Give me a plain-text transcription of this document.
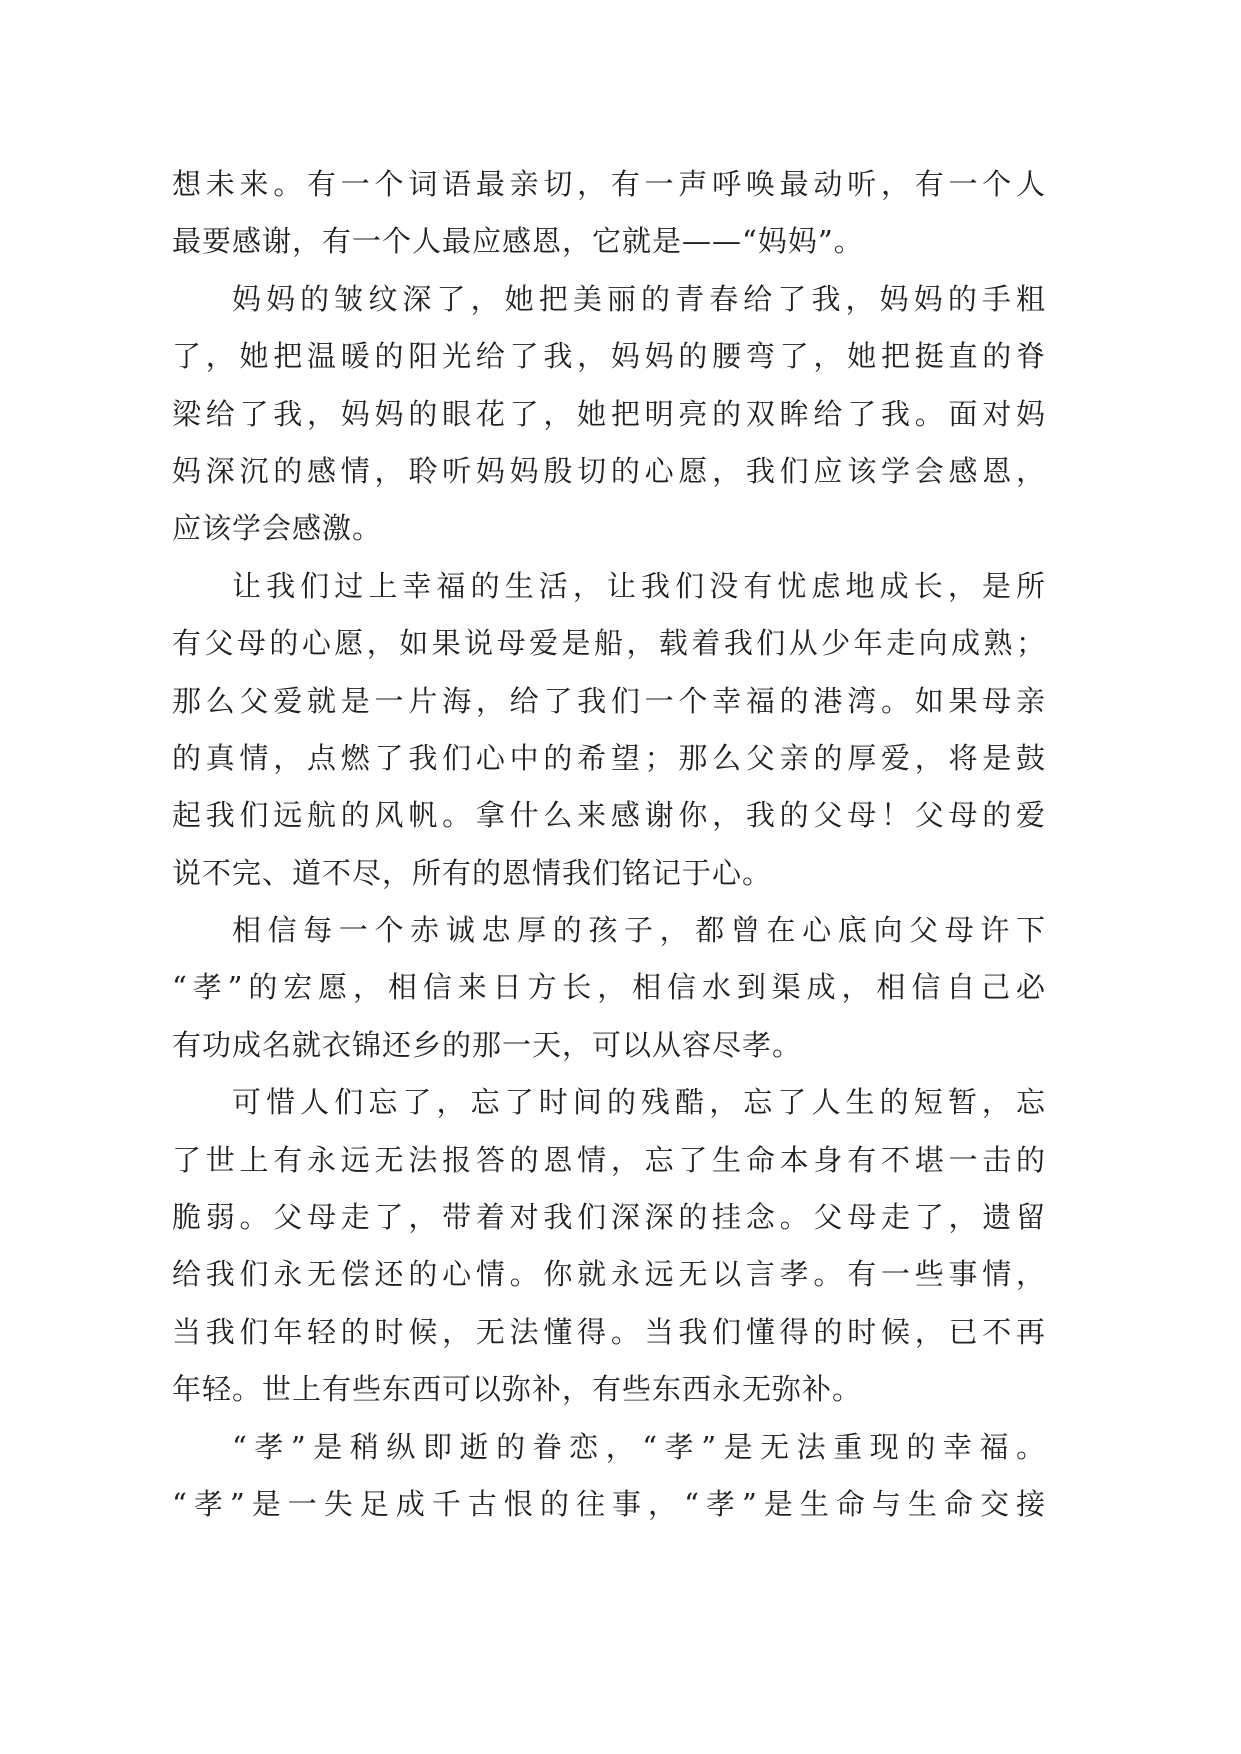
想未来。有一个词语最亲切，有一声呼唤最动听，有一个人
最要感谢，有一个人最应感恩，它就是——“妈妈”。
妈妈的皱纹深了，她把美丽的青春给了我，妈妈的手粗
了，她把温暖的阳光给了我，妈妈的腰弯了，她把挺直的脊
梁给了我，妈妈的眼花了，她把明亮的双眸给了我。面对妈
妈深沉的感情，聆听妈妈殷切的心愿，我们应该学会感恩，
应该学会感激。
让我们过上幸福的生活，让我们没有忧虑地成长，是所
有父母的心愿，如果说母爱是船，载着我们从少年走向成熟；
那么父爱就是一片海，给了我们一个幸福的港湾。如果母亲
的真情，点燃了我们心中的希望；那么父亲的厚爱，将是鼓
起我们远航的风帆。拿什么来感谢你，我的父母！父母的爱
说不完、道不尽，所有的恩情我们铭记于心。
相信每一个赤诚忠厚的孩子，都曾在心底向父母许下
“孝”的宏愿，相信来日方长，相信水到渠成，相信自己必
有功成名就衣锦还乡的那一天，可以从容尽孝。
可惜人们忘了，忘了时间的残酷，忘了人生的短暂，忘
了世上有永远无法报答的恩情，忘了生命本身有不堪一击的
脆弱。父母走了，带着对我们深深的挂念。父母走了，遗留
给我们永无偿还的心情。你就永远无以言孝。有一些事情，
当我们年轻的时候，无法懂得。当我们懂得的时候，已不再
年轻。世上有些东西可以弥补，有些东西永无弥补。
“孝”是稍纵即逝的眷恋，“孝”是无法重现的幸福。
“孝”是一失足成千古恨的往事，“孝”是生命与生命交接
